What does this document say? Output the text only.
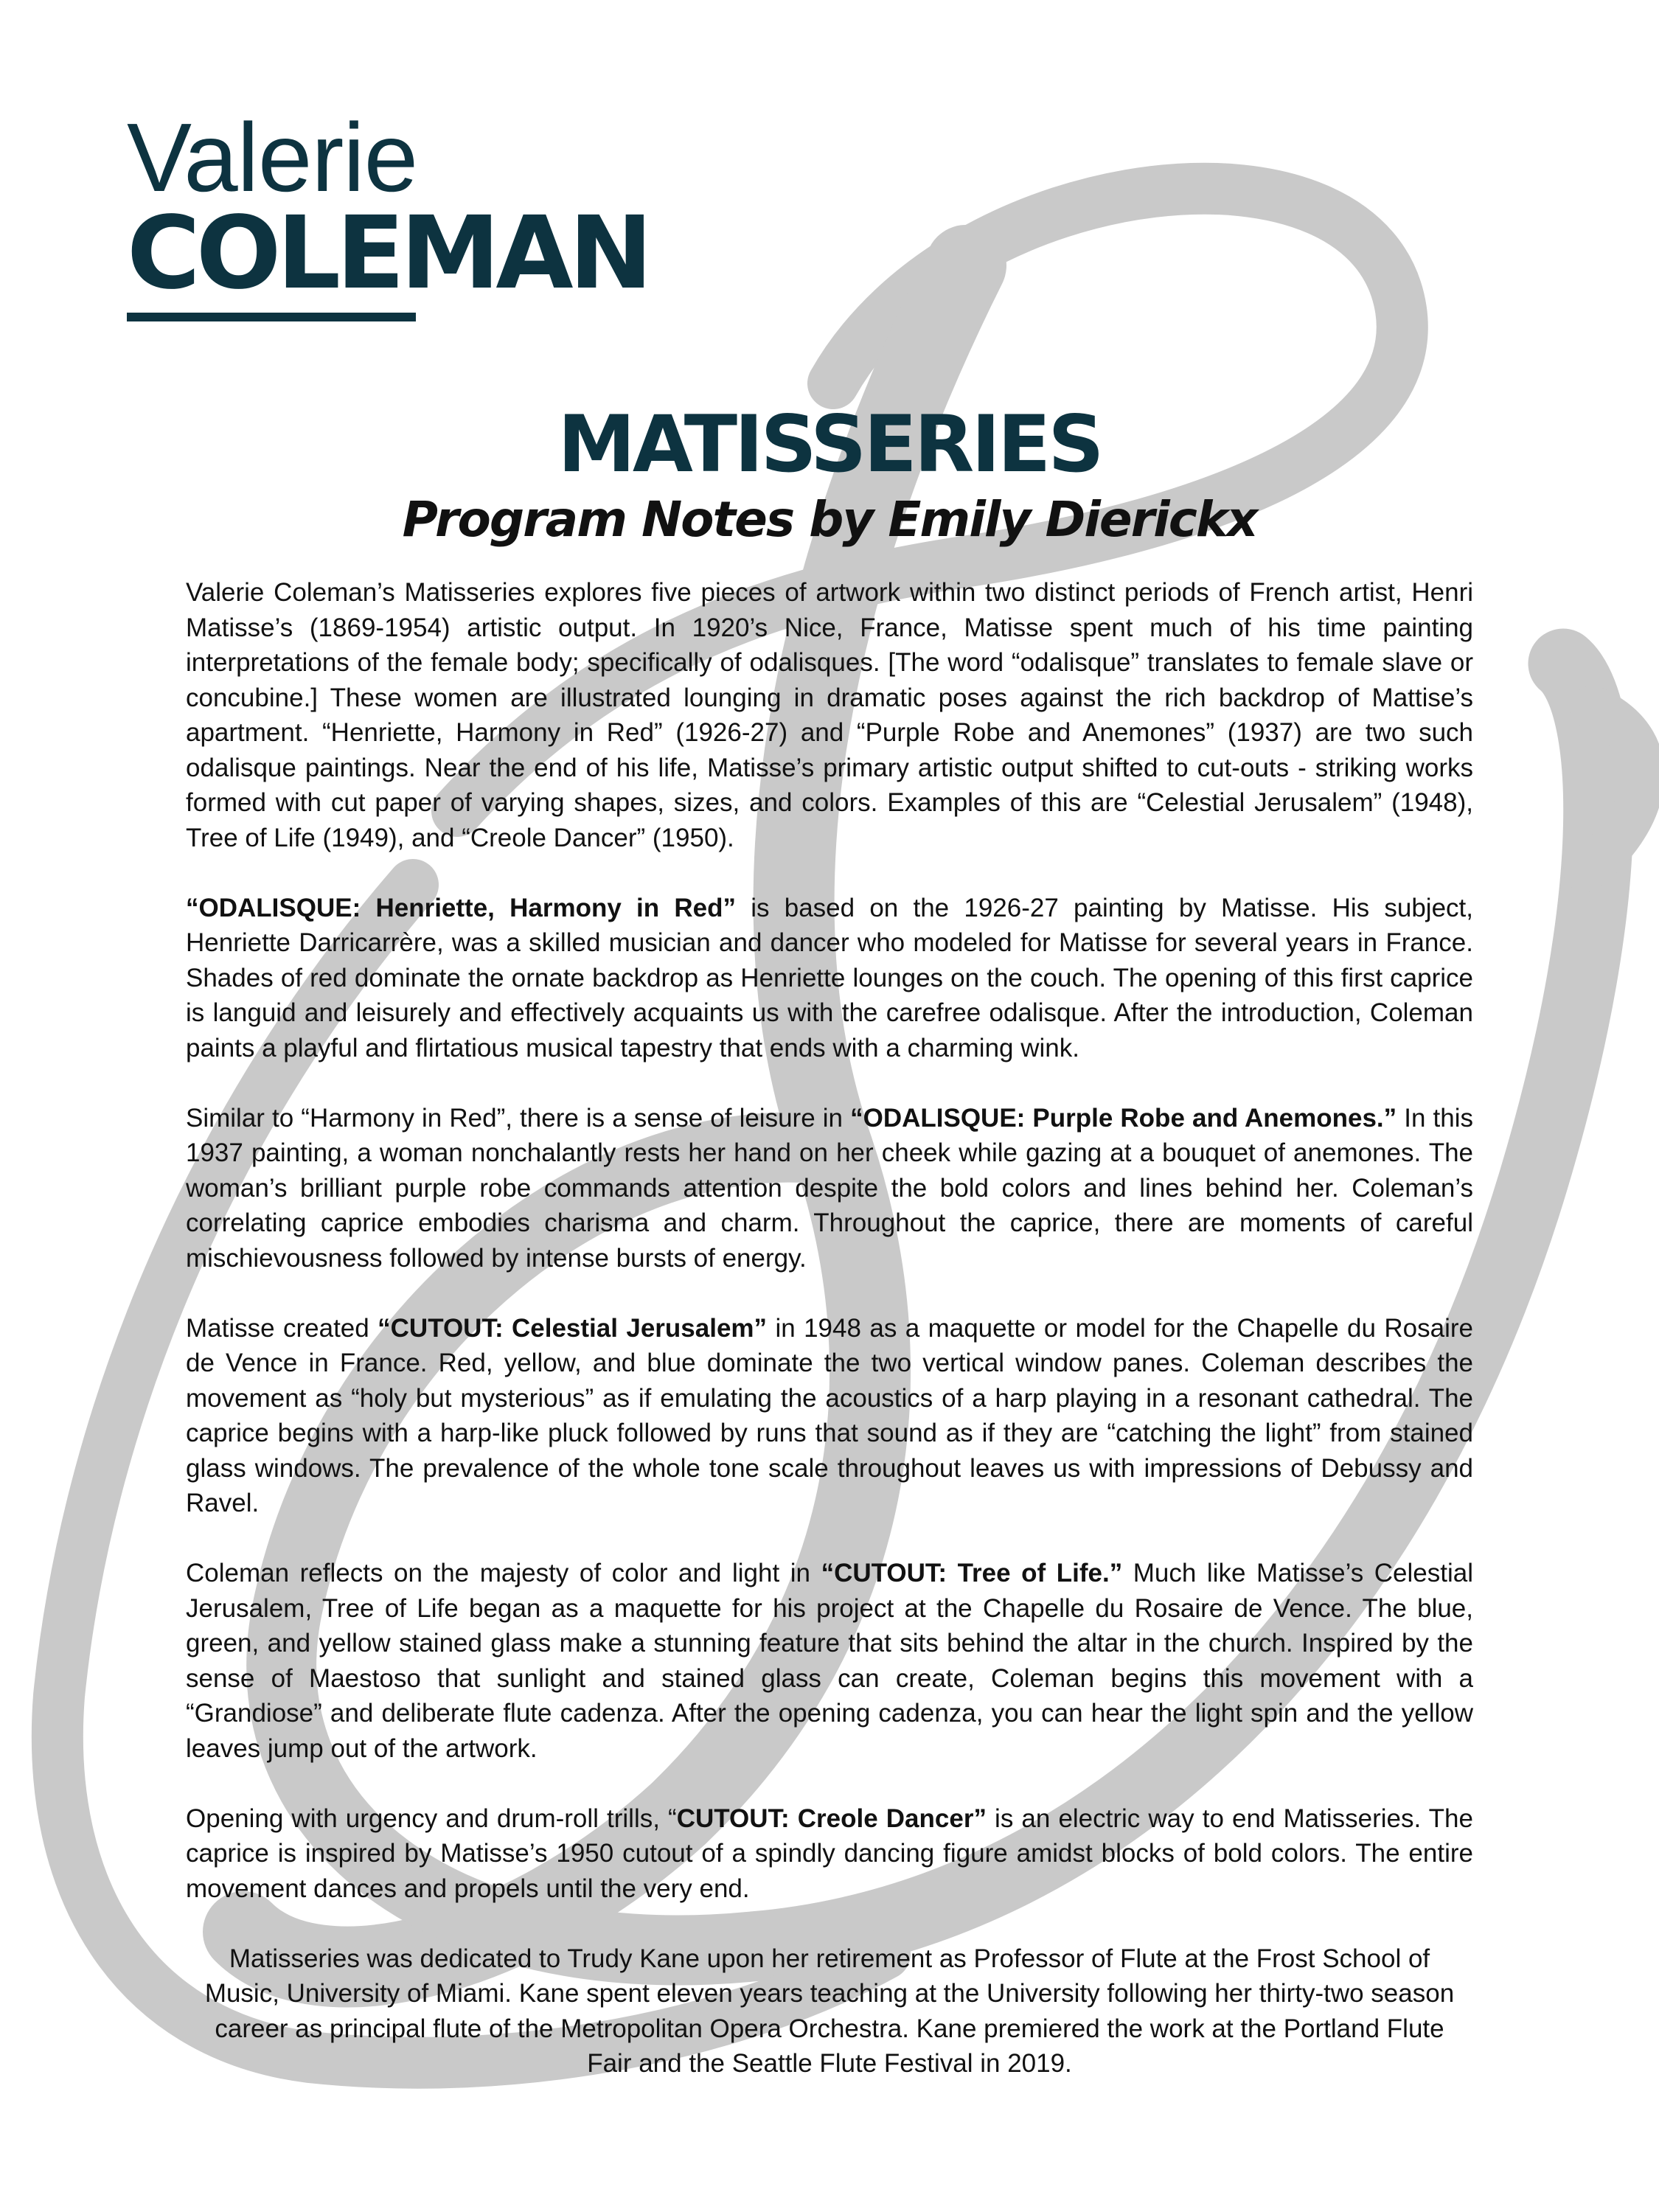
Valerie
COLEMAN
MATISSERIES
Program Notes by Emily Dierickx

Valerie Coleman’s Matisseries explores five pieces of artwork within two distinct periods of French artist, Henri Matisse’s (1869-1954) artistic output. In 1920’s Nice, France, Matisse spent much of his time painting interpretations of the female body; specifically of odalisques. [The word “odalisque” translates to female slave or concubine.] These women are illustrated lounging in dramatic poses against the rich backdrop of Mattise’s apartment. “Henriette, Harmony in Red” (1926-27) and “Purple Robe and Anemones” (1937) are two such odalisque paintings. Near the end of his life, Matisse’s primary artistic output shifted to cut-outs - striking works formed with cut paper of varying shapes, sizes, and colors. Examples of this are “Celestial Jerusalem” (1948), Tree of Life (1949), and “Creole Dancer” (1950).

“ODALISQUE: Henriette, Harmony in Red” is based on the 1926-27 painting by Matisse. His subject, Henriette Darricarrère, was a skilled musician and dancer who modeled for Matisse for several years in France. Shades of red dominate the ornate backdrop as Henriette lounges on the couch. The opening of this first caprice is languid and leisurely and effectively acquaints us with the carefree odalisque. After the introduction, Coleman paints a playful and flirtatious musical tapestry that ends with a charming wink.

Similar to “Harmony in Red”, there is a sense of leisure in “ODALISQUE: Purple Robe and Anemones.” In this 1937 painting, a woman nonchalantly rests her hand on her cheek while gazing at a bouquet of anemones. The woman’s brilliant purple robe commands attention despite the bold colors and lines behind her. Coleman’s correlating caprice embodies charisma and charm. Throughout the caprice, there are moments of careful mischievousness followed by intense bursts of energy.

Matisse created “CUTOUT: Celestial Jerusalem” in 1948 as a maquette or model for the Chapelle du Rosaire de Vence in France. Red, yellow, and blue dominate the two vertical window panes. Coleman describes the movement as “holy but mysterious” as if emulating the acoustics of a harp playing in a resonant cathedral. The caprice begins with a harp-like pluck followed by runs that sound as if they are “catching the light” from stained glass windows. The prevalence of the whole tone scale throughout leaves us with impressions of Debussy and Ravel.

Coleman reflects on the majesty of color and light in “CUTOUT: Tree of Life.” Much like Matisse’s Celestial Jerusalem, Tree of Life began as a maquette for his project at the Chapelle du Rosaire de Vence. The blue, green, and yellow stained glass make a stunning feature that sits behind the altar in the church. Inspired by the sense of Maestoso that sunlight and stained glass can create, Coleman begins this movement with a “Grandiose” and deliberate flute cadenza. After the opening cadenza, you can hear the light spin and the yellow leaves jump out of the artwork.

Opening with urgency and drum-roll trills, “CUTOUT: Creole Dancer” is an electric way to end Matisseries. The caprice is inspired by Matisse’s 1950 cutout of a spindly dancing figure amidst blocks of bold colors. The entire movement dances and propels until the very end.

Matisseries was dedicated to Trudy Kane upon her retirement as Professor of Flute at the Frost School of Music, University of Miami. Kane spent eleven years teaching at the University following her thirty-two season career as principal flute of the Metropolitan Opera Orchestra. Kane premiered the work at the Portland Flute Fair and the Seattle Flute Festival in 2019.
